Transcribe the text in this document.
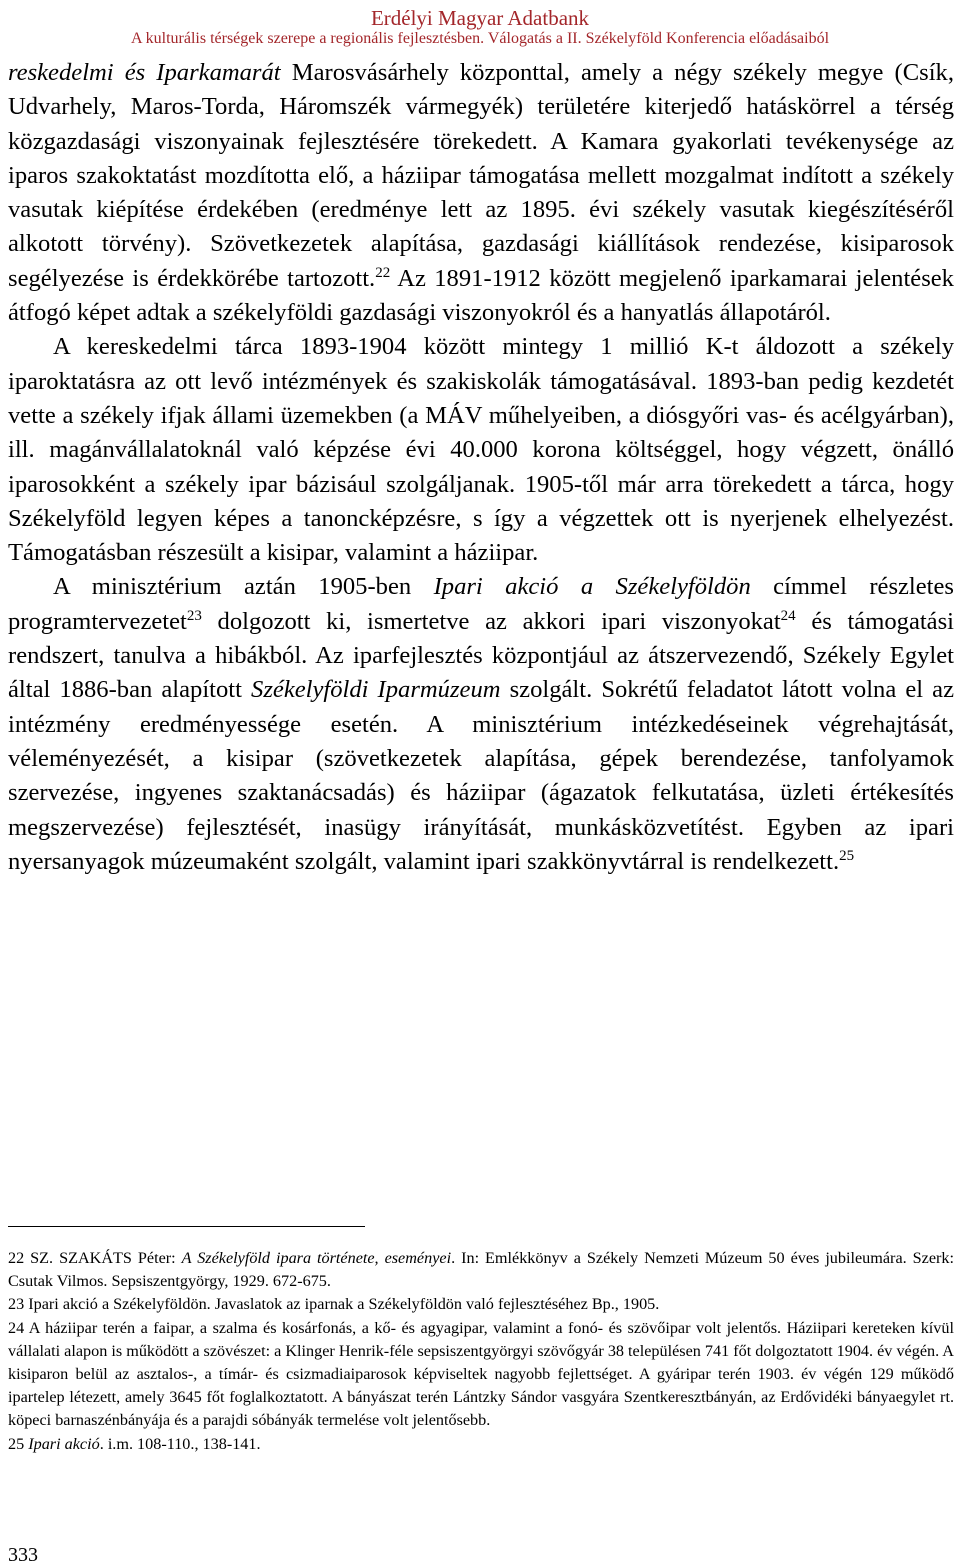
Erdélyi Magyar Adatbank
A kulturális térségek szerepe a regionális fejlesztésben. Válogatás a II. Székelyföld Konferencia előadásaiból

reskedelmi és Iparkamarát Marosvásárhely központtal, amely a négy székely megye (Csík, Udvarhely, Maros-Torda, Háromszék vármegyék) területére kiterjedő hatáskörrel a térség közgazdasági viszonyainak fejlesztésére törekedett. A Kamara gyakorlati tevékenysége az iparos szakoktatást mozdította elő, a háziipar támogatása mellett mozgalmat indított a székely vasutak kiépítése érdekében (eredménye lett az 1895. évi székely vasutak kiegészítéséről alkotott törvény). Szövetkezetek alapítása, gazdasági kiállítások rendezése, kisiparosok segélyezése is érdekkörébe tartozott.$^{22}$ Az 1891-1912 között megjelenő iparkamarai jelentések átfogó képet adtak a székelyföldi gazdasági viszonyokról és a hanyatlás állapotáról.

A kereskedelmi tárca 1893-1904 között mintegy 1 millió K-t áldozott a székely iparoktatásra az ott levő intézmények és szakiskolák támogatásával. 1893-ban pedig kezdetét vette a székely ifjak állami üzemekben (a MÁV műhelyeiben, a diósgyőri vas- és acélgyárban), ill. magánvállalatoknál való képzése évi 40.000 korona költséggel, hogy végzett, önálló iparosokként a székely ipar bázisául szolgáljanak. 1905-től már arra törekedett a tárca, hogy Székelyföld legyen képes a tanoncképzésre, s így a végzettek ott is nyerjenek elhelyezést. Támogatásban részesült a kisipar, valamint a háziipar.

A minisztérium aztán 1905-ben Ipari akció a Székelyföldön címmel részletes programtervezetet$^{23}$ dolgozott ki, ismertetve az akkori ipari viszonyokat$^{24}$ és támogatási rendszert, tanulva a hibákból. Az iparfejlesztés központjául az átszervezendő, Székely Egylet által 1886-ban alapított Székelyföldi Iparmúzeum szolgált. Sokrétű feladatot látott volna el az intézmény eredményessége esetén. A minisztérium intézkedéseinek végrehajtását, véleményezését, a kisipar (szövetkezetek alapítása, gépek berendezése, tanfolyamok szervezése, ingyenes szaktanácsadás) és háziipar (ágazatok felkutatása, üzleti értékesítés megszervezése) fejlesztését, inasügy irányítását, munkásközvetítést. Egyben az ipari nyersanyagok múzeumaként szolgált, valamint ipari szakkönyvtárral is rendelkezett.$^{25}$

22 SZ. SZAKÁTS Péter: A Székelyföld ipara története, eseményei. In: Emlékkönyv a Székely Nemzeti Múzeum 50 éves jubileumára. Szerk: Csutak Vilmos. Sepsiszentgyörgy, 1929. 672-675.

23 Ipari akció a Székelyföldön. Javaslatok az iparnak a Székelyföldön való fejlesztéséhez Bp., 1905.

24 A háziipar terén a faipar, a szalma és kosárfonás, a kő- és agyagipar, valamint a fonó- és szövőipar volt jelentős. Háziipari kereteken kívül vállalati alapon is működött a szövészet: a Klinger Henrik-féle sepsiszentgyörgyi szövőgyár 38 településen 741 főt dolgoztatott 1904. év végén. A kisiparon belül az asztalos-, a tímár- és csizmadiaiparosok képviseltek nagyobb fejlettséget. A gyáripar terén 1903. év végén 129 működő ipartelep létezett, amely 3645 főt foglalkoztatott. A bányászat terén Lántzky Sándor vasgyára Szentkeresztbányán, az Erdővidéki bányaegylet rt. köpeci barnaszénbányája és a parajdi sóbányák termelése volt jelentősebb.

25 Ipari akció. i.m. 108-110., 138-141.

333
